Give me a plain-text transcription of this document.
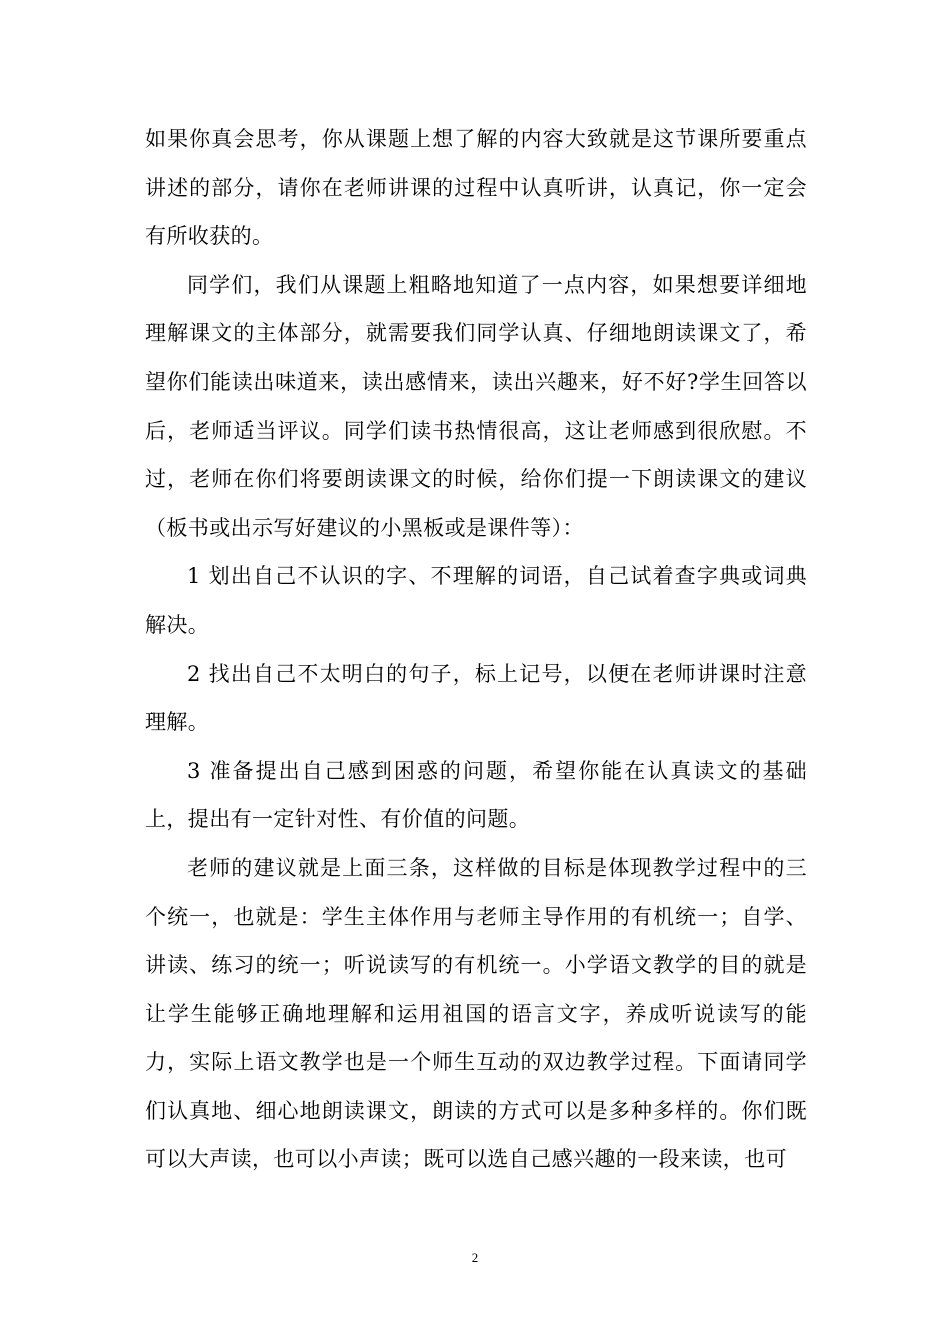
如果你真会思考，你从课题上想了解的内容大致就是这节课所要重点讲述的部分，请你在老师讲课的过程中认真听讲，认真记，你一定会有所收获的。

同学们，我们从课题上粗略地知道了一点内容，如果想要详细地理解课文的主体部分，就需要我们同学认真、仔细地朗读课文了，希望你们能读出味道来，读出感情来，读出兴趣来，好不好?学生回答以后，老师适当评议。同学们读书热情很高，这让老师感到很欣慰。不过，老师在你们将要朗读课文的时候，给你们提一下朗读课文的建议（板书或出示写好建议的小黑板或是课件等）：

1 划出自己不认识的字、不理解的词语，自己试着查字典或词典解决。

2 找出自己不太明白的句子，标上记号，以便在老师讲课时注意理解。

3 准备提出自己感到困惑的问题，希望你能在认真读文的基础上，提出有一定针对性、有价值的问题。

老师的建议就是上面三条，这样做的目标是体现教学过程中的三个统一，也就是：学生主体作用与老师主导作用的有机统一；自学、讲读、练习的统一；听说读写的有机统一。小学语文教学的目的就是让学生能够正确地理解和运用祖国的语言文字，养成听说读写的能力，实际上语文教学也是一个师生互动的双边教学过程。下面请同学们认真地、细心地朗读课文，朗读的方式可以是多种多样的。你们既可以大声读，也可以小声读；既可以选自己感兴趣的一段来读，也可

2
